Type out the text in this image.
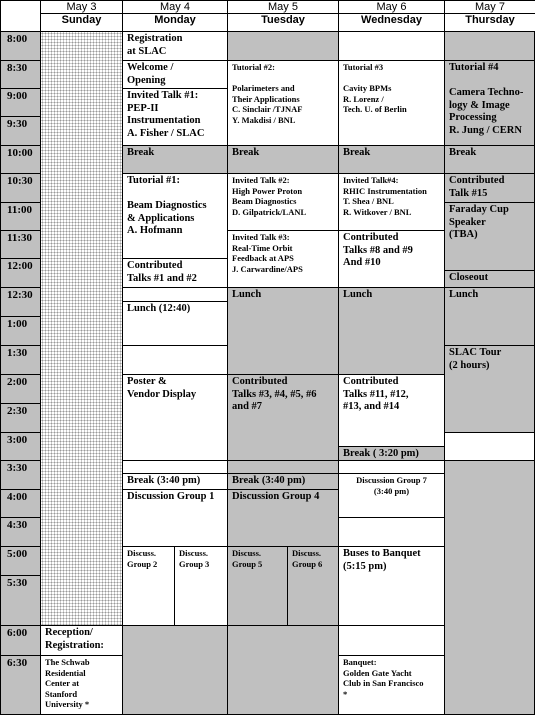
May 3
Sunday
May 4
Monday
May 5
Tuesday
May 6
Wednesday
May 7
Thursday
8:00
8:30
9:00
9:30
10:00
10:30
11:00
11:30
12:00
12:30
1:00
1:30
2:00
2:30
3:00
3:30
4:00
4:30
5:00
5:30
6:00
6:30
Reception/
Registration:
The Schwab
Residential
Center at
Stanford
University *
Registration
at SLAC
Welcome /
Opening
Invited Talk #1:
PEP-II
Instrumentation
A. Fisher / SLAC
Break
Tutorial #1:

Beam Diagnostics
& Applications
A. Hofmann
Contributed
Talks #1 and #2
Lunch (12:40)
Poster &
Vendor Display
Break (3:40 pm)
Discussion Group 1
Discuss.
Group 2
Discuss.
Group 3
Tutorial #2:

Polarimeters and
Their Applications
C. Sinclair /TJNAF
Y. Makdisi / BNL
Break
Invited Talk #2:
High Power Proton
Beam Diagnostics
D. Gilpatrick/LANL
Invited Talk #3:
Real-Time Orbit
Feedback at APS
J. Carwardine/APS
Lunch
Contributed
Talks #3, #4, #5, #6
and #7
Break (3:40 pm)
Discussion Group 4
Discuss.
Group 5
Discuss.
Group 6
Tutorial #3

Cavity BPMs
R. Lorenz /
Tech. U. of Berlin
Break
Invited Talk#4:
RHIC Instrumentation
T. Shea / BNL
R. Witkover / BNL
Contributed
Talks #8 and #9
And #10
Lunch
Contributed
Talks #11, #12,
#13, and #14
Break ( 3:20 pm)
Discussion Group 7
(3:40 pm)
Buses to Banquet
(5:15 pm)
Banquet:
Golden Gate Yacht
Club in San Francisco
*
Tutorial #4

Camera Techno-
logy & Image
Processing
R. Jung / CERN
Break
Contributed
Talk #15
Faraday Cup
Speaker
(TBA)
Closeout
Lunch
SLAC Tour
(2 hours)
